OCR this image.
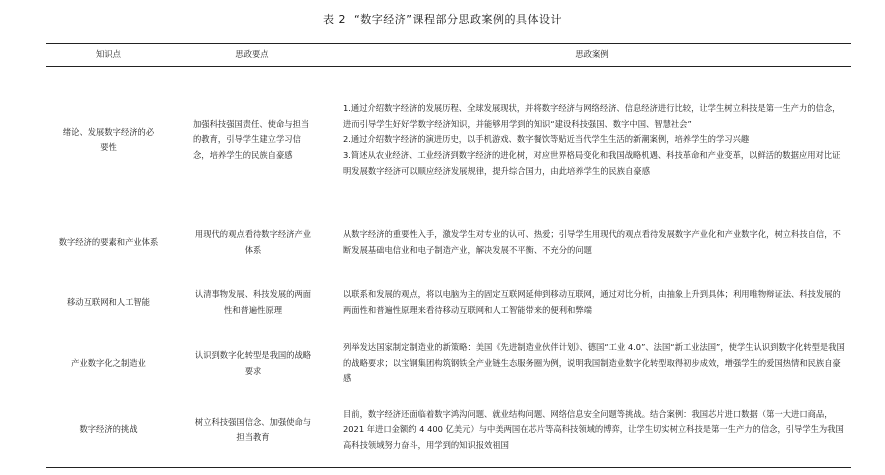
表 2 “数字经济”课程部分思政案例的具体设计
知识点	思政要点	思政案例
绪论、发展数字经济的必要性	加强科技强国责任、使命与担当的教育，引导学生建立学习信念，培养学生的民族自豪感	1.通过介绍数字经济的发展历程、全球发展现状，并将数字经济与网络经济、信息经济进行比较，让学生树立科技是第一生产力的信念，进而引导学生好好学数字经济知识，并能够用学到的知识“建设科技强国、数字中国、智慧社会”
2.通过介绍数字经济的演进历史，以手机游戏、数字餐饮等贴近当代学生生活的新潮案例，培养学生的学习兴趣
3.简述从农业经济、工业经济到数字经济的进化树，对应世界格局变化和我国战略机遇、科技革命和产业变革，以鲜活的数据应用对比证明发展数字经济可以顺应经济发展规律，提升综合国力，由此培养学生的民族自豪感

数字经济的要素和产业体系	用现代的观点看待数字经济产业体系	从数字经济的重要性入手，激发学生对专业的认可、热爱；引导学生用现代的观点看待发展数字产业化和产业数字化，树立科技自信，不断发展基础电信业和电子制造产业，解决发展不平衡、不充分的问题

移动互联网和人工智能	认清事物发展、科技发展的两面性和普遍性原理	以联系和发展的观点，将以电脑为主的固定互联网延伸到移动互联网，通过对比分析，由抽象上升到具体；利用唯物辩证法、科技发展的两面性和普遍性原理来看待移动互联网和人工智能带来的便利和弊端

产业数字化之制造业	认识到数字化转型是我国的战略要求	列举发达国家制定制造业的新策略：美国《先进制造业伙伴计划》、德国“工业 4.0”、法国“新工业法国”，使学生认识到数字化转型是我国的战略要求；以宝钢集团构筑钢铁全产业链生态服务圈为例，说明我国制造业数字化转型取得初步成效，增强学生的爱国热情和民族自豪感

数字经济的挑战	树立科技强国信念、加强使命与担当教育	目前，数字经济还面临着数字鸿沟问题、就业结构问题、网络信息安全问题等挑战。结合案例：我国芯片进口数据（第一大进口商品，2021 年进口金额约 4 400 亿美元）与中美两国在芯片等高科技领域的博弈，让学生切实树立科技是第一生产力的信念，引导学生为我国高科技领域努力奋斗，用学到的知识报效祖国
